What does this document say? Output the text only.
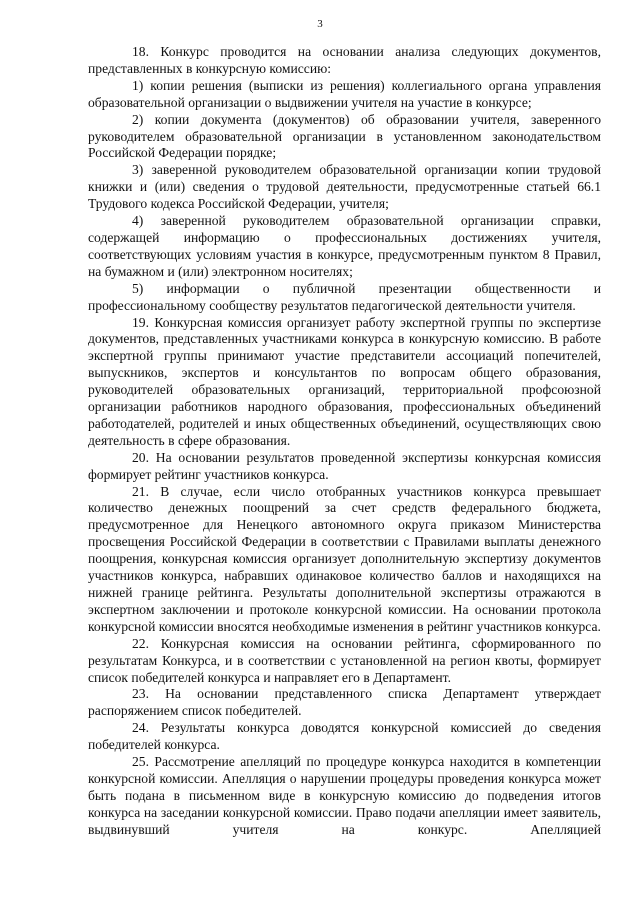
3

18. Конкурс проводится на основании анализа следующих документов, представленных в конкурсную комиссию:

1) копии решения (выписки из решения) коллегиального органа управления образовательной организации о выдвижении учителя на участие в конкурсе;

2) копии документа (документов) об образовании учителя, заверенного руководителем образовательной организации в установленном законодательством Российской Федерации порядке;

3) заверенной руководителем образовательной организации копии трудовой книжки и (или) сведения о трудовой деятельности, предусмотренные статьей 66.1 Трудового кодекса Российской Федерации, учителя;

4) заверенной руководителем образовательной организации справки, содержащей информацию о профессиональных достижениях учителя, соответствующих условиям участия в конкурсе, предусмотренным пунктом 8 Правил, на бумажном и (или) электронном носителях;

5) информации о публичной презентации общественности и профессиональному сообществу результатов педагогической деятельности учителя.

19. Конкурсная комиссия организует работу экспертной группы по экспертизе документов, представленных участниками конкурса в конкурсную комиссию. В работе экспертной группы принимают участие представители ассоциаций попечителей, выпускников, экспертов и консультантов по вопросам общего образования, руководителей образовательных организаций, территориальной профсоюзной организации работников народного образования, профессиональных объединений работодателей, родителей и иных общественных объединений, осуществляющих свою деятельность в сфере образования.

20. На основании результатов проведенной экспертизы конкурсная комиссия формирует рейтинг участников конкурса.

21. В случае, если число отобранных участников конкурса превышает количество денежных поощрений за счет средств федерального бюджета, предусмотренное для Ненецкого автономного округа приказом Министерства просвещения Российской Федерации в соответствии с Правилами выплаты денежного поощрения, конкурсная комиссия организует дополнительную экспертизу документов участников конкурса, набравших одинаковое количество баллов и находящихся на нижней границе рейтинга. Результаты дополнительной экспертизы отражаются в экспертном заключении и протоколе конкурсной комиссии. На основании протокола конкурсной комиссии вносятся необходимые изменения в рейтинг участников конкурса.

22. Конкурсная комиссия на основании рейтинга, сформированного по результатам Конкурса, и в соответствии с установленной на регион квоты, формирует список победителей конкурса и направляет его в Департамент.

23. На основании представленного списка Департамент утверждает распоряжением список победителей.

24. Результаты конкурса доводятся конкурсной комиссией до сведения победителей конкурса.

25. Рассмотрение апелляций по процедуре конкурса находится в компетенции конкурсной комиссии. Апелляция о нарушении процедуры проведения конкурса может быть подана в письменном виде в конкурсную комиссию до подведения итогов конкурса на заседании конкурсной комиссии. Право подачи апелляции имеет заявитель, выдвинувший учителя на конкурс. Апелляцией
